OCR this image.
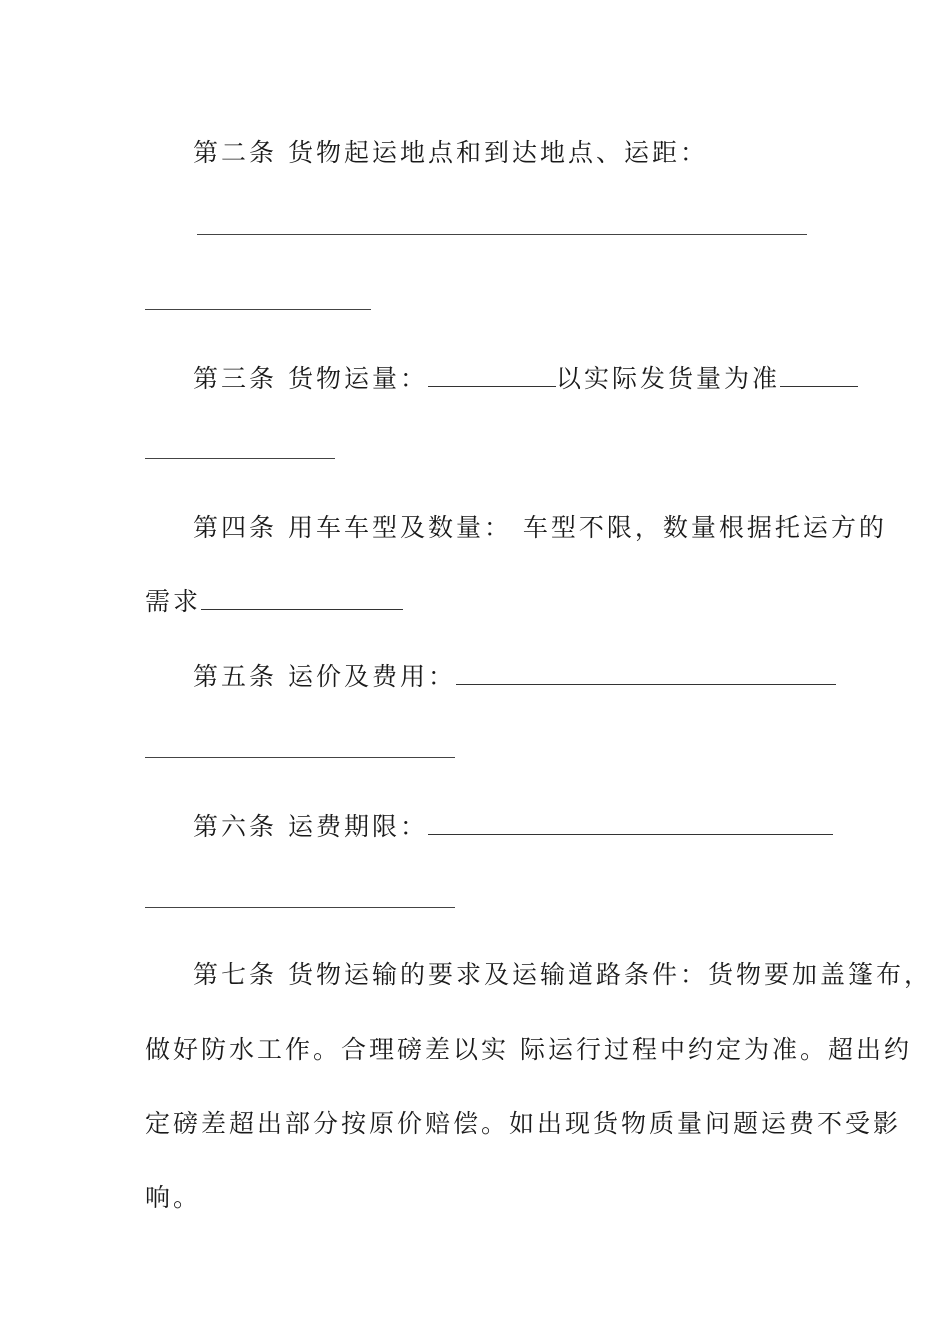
第二条 货物起运地点和到达地点、运距：
第三条 货物运量：	以实际发货量为准
第四条 用车车型及数量： 车型不限，数量根据托运方的
需求
第五条 运价及费用：
第六条 运费期限：
第七条 货物运输的要求及运输道路条件：货物要加盖篷布，
做好防水工作。合理磅差以实 际运行过程中约定为准。超出约
定磅差超出部分按原价赔偿。如出现货物质量问题运费不受影
响。
